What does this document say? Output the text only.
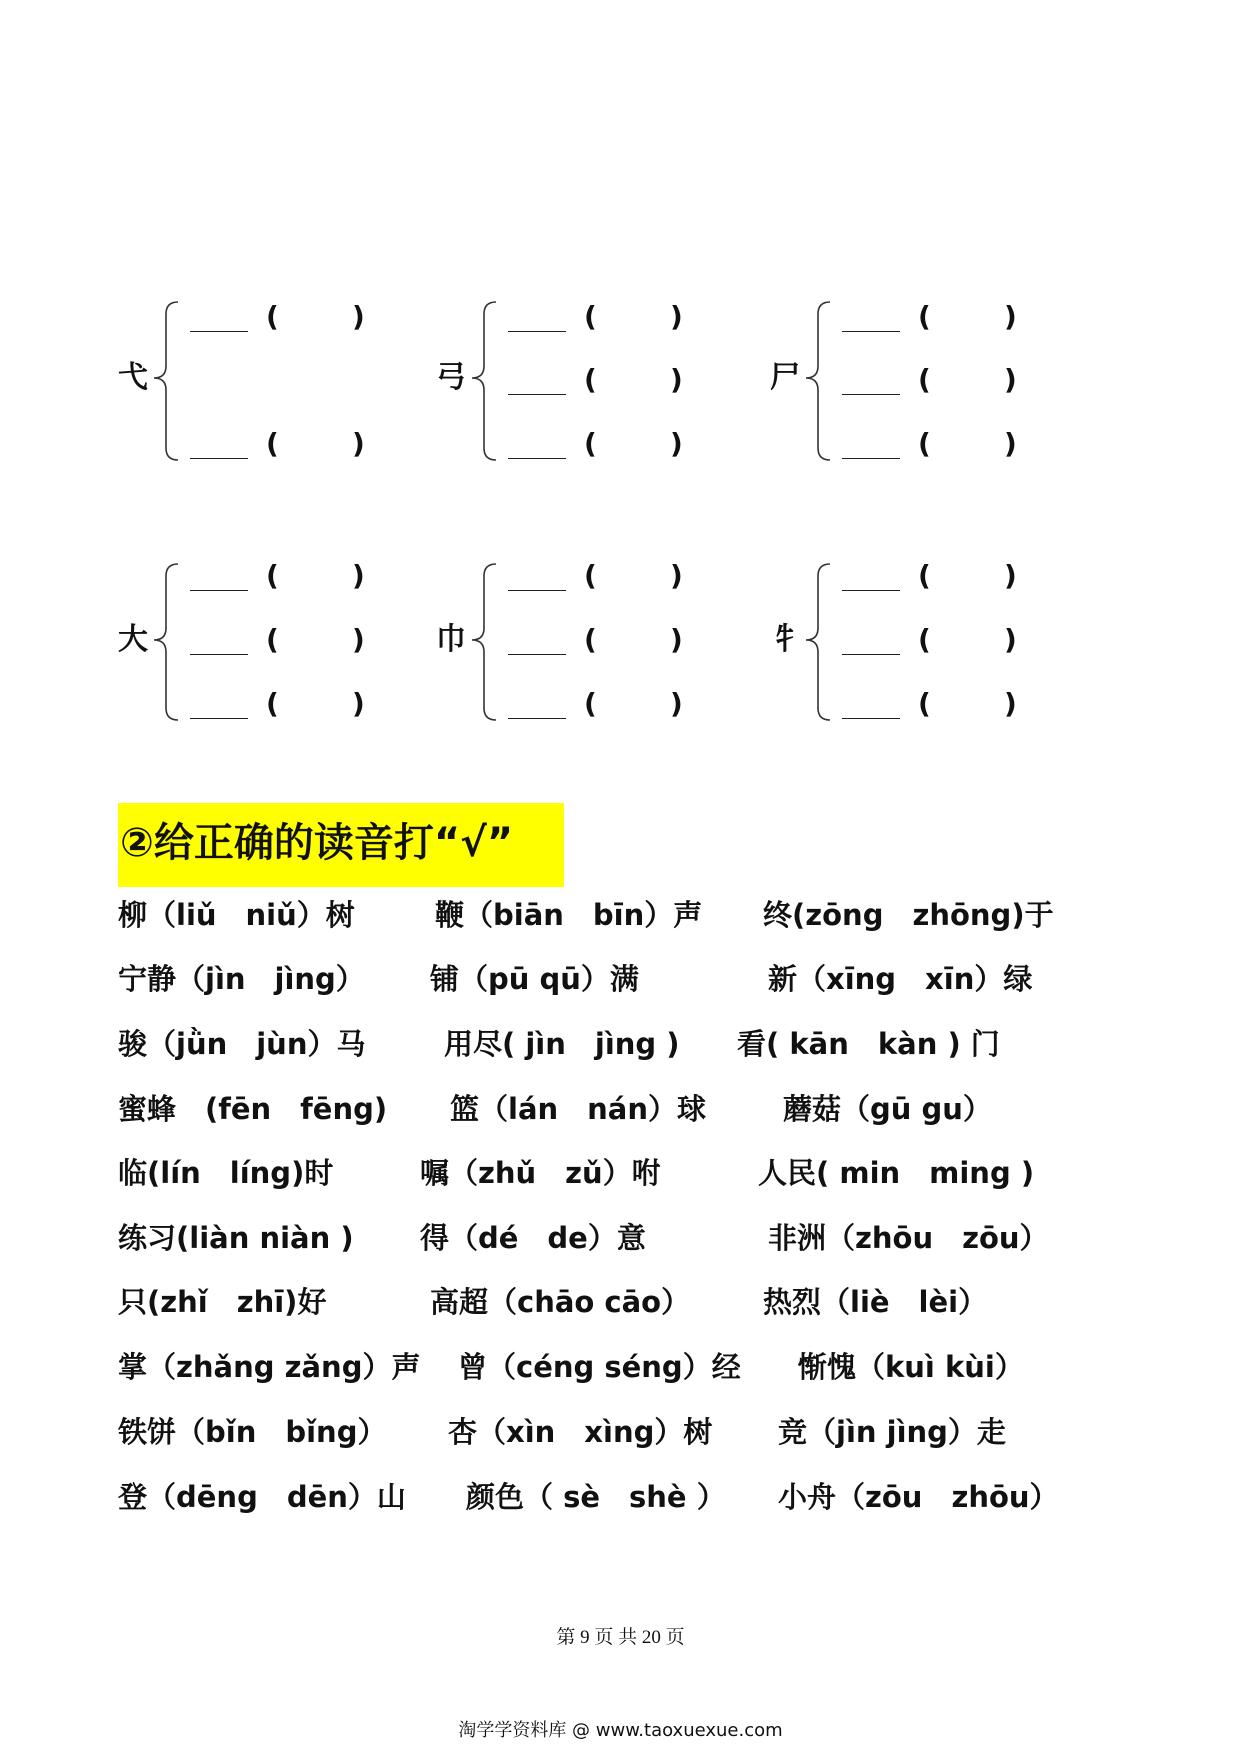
弋
(	)
(	)
弓
(	)
(	)
(	)
尸
(	)
(	)
(	)
大
(	)
(	)
(	)
巾
(	)
(	)
(	)
牜
(	)
(	)
(	)
②给正确的读音打“√”
柳（liǔ　niǔ）树	鞭（biān　bīn）声 终(zōng　zhōng)于
宁静（jìn　jìng） 铺（pū qū）满	新（xīng　xīn）绿
骏（jǜn　jùn）马	用尽( jìn　jìng ) 看( kān　kàn ) 门
蜜蜂　(fēn　fēng) 篮（lán　nán）球	蘑菇（gū gu）
临(lín　líng)时	嘱（zhǔ　zǔ）咐	人民( min　ming )
练习(liàn niàn ) 得（dé　de）意	非洲（zhōu　zōu）
只(zhǐ　zhī)好	高超（chāo cāo）	热烈（liè　lèi）
掌（zhǎng zǎng）声 曾（céng séng）经 惭愧（kuì kùi）
铁饼（bǐn　bǐng） 杏（xìn　xìng）树 竞（jìn jìng）走
登（dēng　dēn）山 颜色（ sè　shè ） 小舟（zōu　zhōu）
第 9 页 共 20 页
淘学学资料库 @ www.taoxuexue.com
